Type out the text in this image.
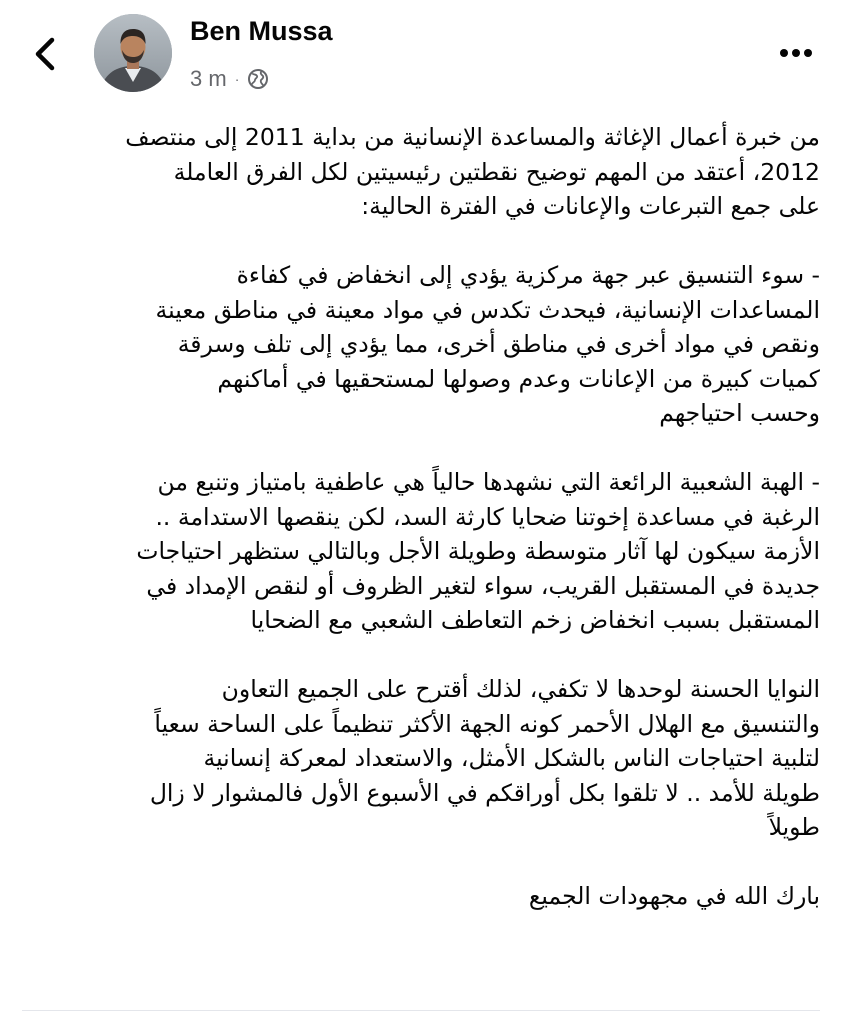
Ben Mussa
3 m ·

من خبرة أعمال الإغاثة والمساعدة الإنسانية من بداية 2011 إلى منتصف
2012، أعتقد من المهم توضيح نقطتين رئيسيتين لكل الفرق العاملة
على جمع التبرعات والإعانات في الفترة الحالية:

- سوء التنسيق عبر جهة مركزية يؤدي إلى انخفاض في كفاءة
المساعدات الإنسانية، فيحدث تكدس في مواد معينة في مناطق معينة
ونقص في مواد أخرى في مناطق أخرى، مما يؤدي إلى تلف وسرقة
كميات كبيرة من الإعانات وعدم وصولها لمستحقيها في أماكنهم
وحسب احتياجهم

- الهبة الشعبية الرائعة التي نشهدها حالياً هي عاطفية بامتياز وتنبع من
الرغبة في مساعدة إخوتنا ضحايا كارثة السد، لكن ينقصها الاستدامة ..
الأزمة سيكون لها آثار متوسطة وطويلة الأجل وبالتالي ستظهر احتياجات
جديدة في المستقبل القريب، سواء لتغير الظروف أو لنقص الإمداد في
المستقبل بسبب انخفاض زخم التعاطف الشعبي مع الضحايا

النوايا الحسنة لوحدها لا تكفي، لذلك أقترح على الجميع التعاون
والتنسيق مع الهلال الأحمر كونه الجهة الأكثر تنظيماً على الساحة سعياً
لتلبية احتياجات الناس بالشكل الأمثل، والاستعداد لمعركة إنسانية
طويلة للأمد .. لا تلقوا بكل أوراقكم في الأسبوع الأول فالمشوار لا زال
طويلاً

بارك الله في مجهودات الجميع
